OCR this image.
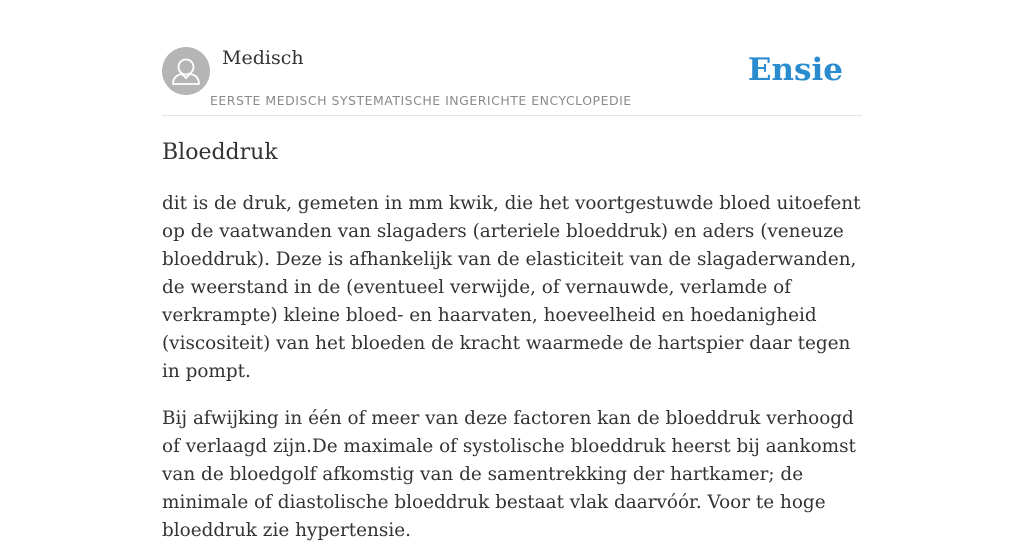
Medisch
EERSTE MEDISCH SYSTEMATISCHE INGERICHTE ENCYCLOPEDIE
Ensie
Bloeddruk

dit is de druk, gemeten in mm kwik, die het voortgestuwde bloed uitoefent op de vaatwanden van slagaders (arteriele bloeddruk) en aders (veneuze bloeddruk). Deze is afhankelijk van de elasticiteit van de slagaderwanden, de weerstand in de (eventueel verwijde, of vernauwde, verlamde of verkrampte) kleine bloed- en haarvaten, hoeveelheid en hoedanigheid (viscositeit) van het bloeden de kracht waarmede de hartspier daar tegen in pompt.

Bij afwijking in één of meer van deze factoren kan de bloeddruk verhoogd of verlaagd zijn.De maximale of systolische bloeddruk heerst bij aankomst van de bloedgolf afkomstig van de samentrekking der hartkamer; de minimale of diastolische bloeddruk bestaat vlak daarvóór. Voor te hoge bloeddruk zie hypertensie.
